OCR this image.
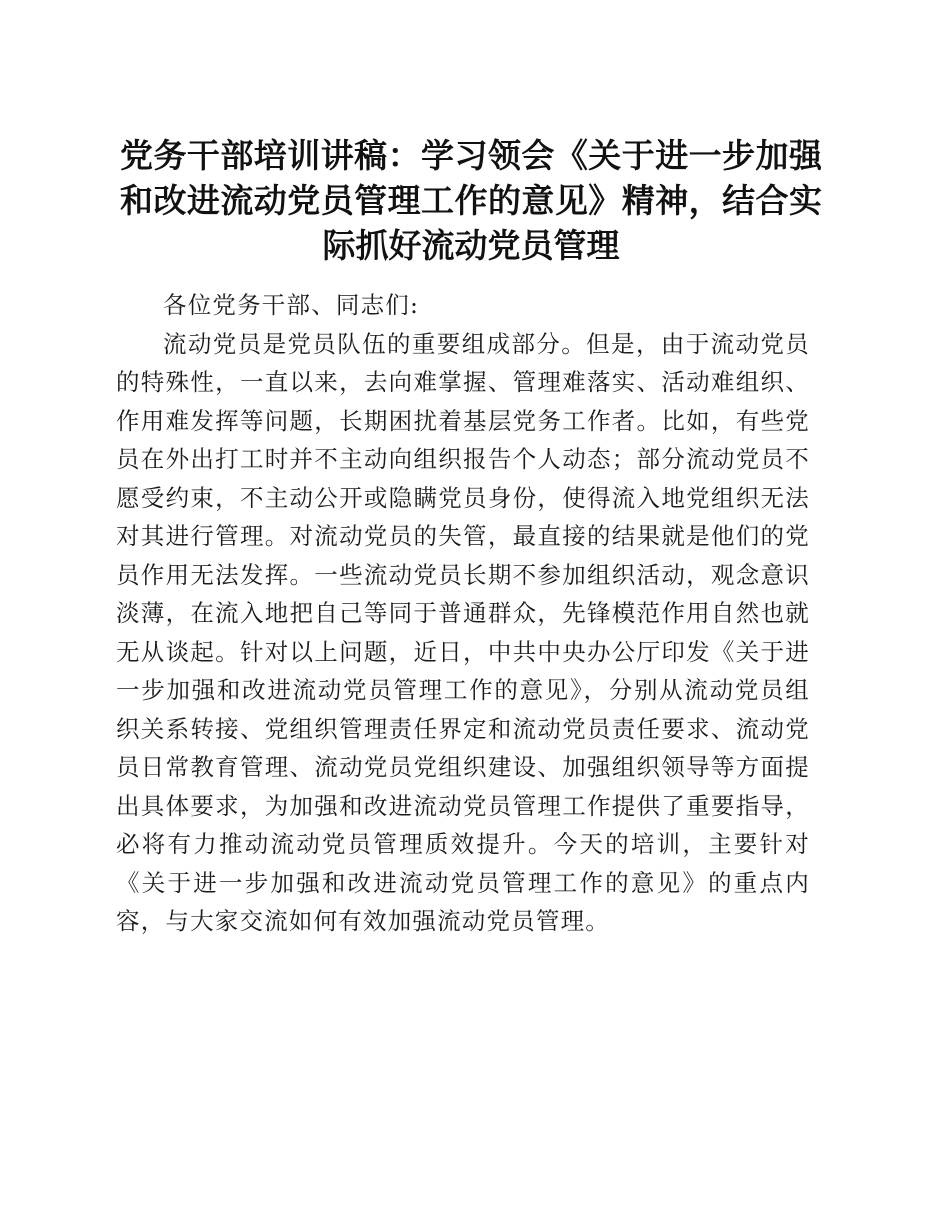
党务干部培训讲稿：学习领会《关于进一步加强和改进流动党员管理工作的意见》精神，结合实际抓好流动党员管理

各位党务干部、同志们:

流动党员是党员队伍的重要组成部分。但是，由于流动党员的特殊性，一直以来，去向难掌握、管理难落实、活动难组织、作用难发挥等问题，长期困扰着基层党务工作者。比如，有些党员在外出打工时并不主动向组织报告个人动态；部分流动党员不愿受约束，不主动公开或隐瞒党员身份，使得流入地党组织无法对其进行管理。对流动党员的失管，最直接的结果就是他们的党员作用无法发挥。一些流动党员长期不参加组织活动，观念意识淡薄，在流入地把自己等同于普通群众，先锋模范作用自然也就无从谈起。针对以上问题，近日，中共中央办公厅印发《关于进一步加强和改进流动党员管理工作的意见》，分别从流动党员组织关系转接、党组织管理责任界定和流动党员责任要求、流动党员日常教育管理、流动党员党组织建设、加强组织领导等方面提出具体要求，为加强和改进流动党员管理工作提供了重要指导，必将有力推动流动党员管理质效提升。今天的培训，主要针对《关于进一步加强和改进流动党员管理工作的意见》的重点内容，与大家交流如何有效加强流动党员管理。
